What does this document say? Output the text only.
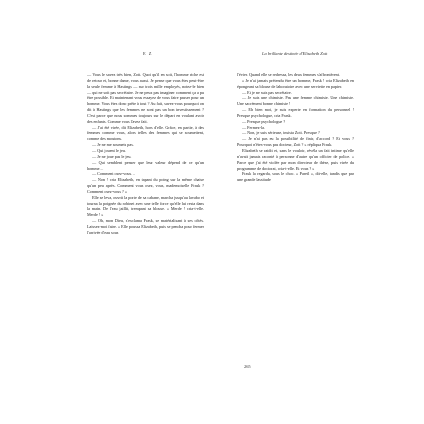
E Z	La brillante destinée d'Elisabeth Zott

— Vous le savez très bien, Zott. Quoi qu'il en soit, l'homme riche est de retour et, bonne dame, vous aussi. Je pense que vous êtes peut-être la seule femme à Hastings — sur trois mille employés, notez-le bien — qui ne soit pas secrétaire. Je ne peux pas imaginer comment ça a pu être possible. Et maintenant vous essayez de vous faire passer pour un homme. Vous êtes donc prête à tout ? Au fait, savez-vous pourquoi on dit à Hastings que les femmes ne sont pas un bon investissement ? C'est parce que nous sommes toujours sur le départ en voulant avoir des enfants. Comme vous l'avez fait.

— J'ai été virée, dit Elizabeth, hors d'elle. Grâce, en partie, à des femmes comme vous, alors telles des femmes qui se soumettent, comme des moutons.

— Je ne me soumets pas.

— Qui jouent le jeu.

— Je ne joue pas le jeu.

— Qui semblent penser que leur valeur dépend de ce qu'un homme…

— Comment osez-vous…

— Non ! cria Elizabeth, en tapant du poing sur la même chaise qu'un peu après. Comment vous osez, vous, mademoiselle Frask ? Comment osez-vous ? »

Elle se leva, ouvrit la porte de sa cabane, marcha jusqu'au lavabo et tourna la poignée du robinet avec une telle force qu'elle lui resta dans la main. De l'eau jaillit, trempant sa blouse. « Merde ! cria-t-elle. Merde ! »

— Oh, mon Dieu, s'exclama Frask, se matérialisant à ses côtés. Laissez-moi faire. » Elle poussa Elizabeth, puis se pencha pour fermer l'arrivée d'eau sous

l'évier. Quand elle se redressa, les deux femmes s'affrontèrent.

« Je n'ai jamais prétendu être un homme, Frask ! cria Elizabeth en épongeant sa blouse de laboratoire avec une serviette en papier.

— Et je ne suis pas secrétaire.

— Je suis une chimiste. Pas une femme chimiste. Une chimiste. Une sacrément bonne chimiste !

— Eh bien moi, je suis experte en formation du personnel ! Presque psychologue, cria Frask.

— Presque psychologue ?

— Fermez-la.

— Non, je suis sérieuse, insista Zott. Presque ?

— Je n'ai pas eu la possibilité de finir, d'accord ? Et vous ? Pourquoi n'êtes-vous pas docteur, Zott ? » répliqua Frask.

Elizabeth se raidit et, sans le vouloir, révéla un fait intime qu'elle n'avait jamais raconté à personne d'autre qu'un officier de police. « Parce que j'ai été violée par mon directeur de thèse, puis virée du programme de doctorat, cria-t-elle. Et vous ? »

Frask la regarda, sous le choc. « Pareil », dit-elle, tandis que par une grande lassitude

265
